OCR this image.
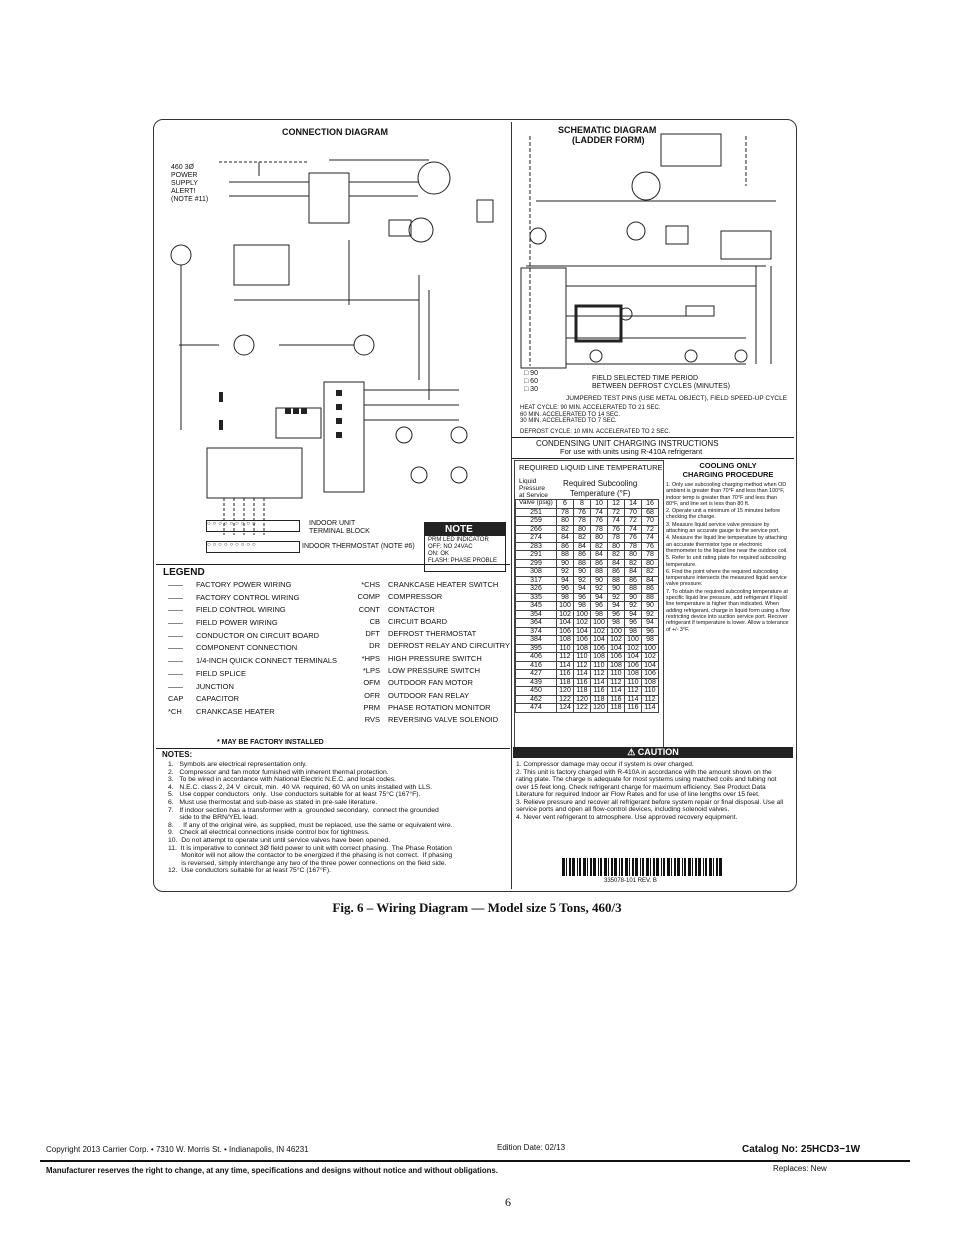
CONNECTION DIAGRAM
460 3Ø
POWER
SUPPLY
ALERT!
(NOTE #11)
NOTE
PRM LED INDICATOR
OFF: NO 24VAC
ON: OK
FLASH: PHASE PROBLE
○○○○○○○○○	INDOOR UNIT
TERMINAL BLOCK
○○○○○○○○○	INDOOR THERMOSTAT (NOTE #6)
LEGEND
—— FACTORY POWER WIRING
—— FACTORY CONTROL WIRING
—— FIELD CONTROL WIRING
—— FIELD POWER WIRING
—— CONDUCTOR ON CIRCUIT BOARD
—— COMPONENT CONNECTION
—— 1/4-INCH QUICK CONNECT TERMINALS
—— FIELD SPLICE
—— JUNCTION
CAP CAPACITOR
*CH CRANKCASE HEATER
*CHS CRANKCASE HEATER SWITCH
COMP COMPRESSOR
CONT CONTACTOR
CB CIRCUIT BOARD
DFT DEFROST THERMOSTAT
DR DEFROST RELAY AND CIRCUITRY
*HPS HIGH PRESSURE SWITCH
*LPS LOW PRESSURE SWITCH
OFM OUTDOOR FAN MOTOR
OFR OUTDOOR FAN RELAY
PRM PHASE ROTATION MONITOR
RVS REVERSING VALVE SOLENOID
* MAY BE FACTORY INSTALLED
NOTES:
1.   Symbols are electrical representation only.
2.   Compressor and fan motor furnished with inherent thermal protection.
3.   To be wired in accordance with National Electric N.E.C. and local codes.
4.   N.E.C. class 2, 24 V  circuit, min.  40 VA  required, 60 VA on units installed with LLS.
5.   Use copper conductors  only.  Use conductors suitable for at least 75°C (167°F).
6.   Must use thermostat and sub-base as stated in pre-sale literature.
7.   If indoor section has a transformer with a  grounded secondary,  connect the grounded
side to the BRN/YEL lead.
8.     If any of the original wire, as supplied, must be replaced, use the same or equivalent wire.
9.   Check all electrical connections inside control box for tightness.
10.  Do not attempt to operate unit until service valves have been opened.
11.  It is imperative to connect 3Ø field power to unit with correct phasing.  The Phase Rotation
Monitor will not allow the contactor to be energized if the phasing is not correct.  If phasing
is reversed, simply interchange any two of the three power connections on the field side.
12.  Use conductors suitable for at least 75°C (167°F).
SCHEMATIC DIAGRAM
(LADDER FORM)
□ 90
□ 60
□ 30
FIELD SELECTED TIME PERIOD
BETWEEN DEFROST CYCLES (MINUTES)
JUMPERED TEST PINS (USE METAL OBJECT), FIELD SPEED-UP CYCLE
HEAT CYCLE: 90 MIN. ACCELERATED TO 21 SEC.
60 MIN. ACCELERATED TO 14 SEC.
30 MIN. ACCELERATED TO 7 SEC.
DEFROST CYCLE: 10 MIN. ACCELERATED TO 2 SEC.
CONDENSING UNIT CHARGING INSTRUCTIONS
For use with units using R-410A refrigerant
REQUIRED LIQUID LINE TEMPERATURE
Liquid
Pressure
at Service
Valve (psig)
Required Subcooling
Temperature (°F)
	6	8	10	12	14	16
251	78	76	74	72	70	68
259	80	78	76	74	72	70
266	82	80	78	76	74	72
274	84	82	80	78	76	74
283	86	84	82	80	78	76
291	88	86	84	82	80	78
299	90	88	86	84	82	80
308	92	90	88	86	84	82
317	94	92	90	88	86	84
326	96	94	92	90	88	86
335	98	96	94	92	90	88
345	100	98	96	94	92	90
354	102	100	98	96	94	92
364	104	102	100	98	96	94
374	106	104	102	100	98	96
384	108	106	104	102	100	98
395	110	108	106	104	102	100
406	112	110	108	106	104	102
416	114	112	110	108	106	104
427	116	114	112	110	108	106
439	118	116	114	112	110	108
450	120	118	116	114	112	110
462	122	120	118	116	114	112
474	124	122	120	118	116	114
COOLING ONLY
CHARGING PROCEDURE
1. Only use subcooling charging method when OD ambient is greater than 70°F and less than 100°F, indoor temp is greater than 70°F and less than 80°F, and line set is less than 80 ft.
2. Operate unit a minimum of 15 minutes before checking the charge.
3. Measure liquid service valve pressure by attaching an accurate gauge to the service port.
4. Measure the liquid line temperature by attaching an accurate thermistor type or electronic thermometer to the liquid line near the outdoor coil.
5. Refer to unit rating plate for required subcooling temperature.
6. Find the point where the required subcooling temperature intersects the measured liquid service valve pressure.
7. To obtain the required subcooling temperature at specific liquid line pressure, add refrigerant if liquid line temperature is higher than indicated. When adding refrigerant, charge in liquid form using a flow restricting device into suction service port. Recover refrigerant if temperature is lower. Allow a tolerance of +/- 3°F.
⚠ CAUTION
1. Compressor damage may occur if system is over charged.
2. This unit is factory charged with R-410A in accordance with the amount shown on the rating plate. The charge is adequate for most systems using matched coils and tubing not over 15 feet long. Check refrigerant charge for maximum efficiency. See Product Data Literature for required Indoor air Flow Rates and for use of line lengths over 15 feet.
3. Relieve pressure and recover all refrigerant before system repair or final disposal. Use all service ports and open all flow-control devices, including solenoid valves.
4. Never vent refrigerant to atmosphere. Use approved recovery equipment.
335078-101 REV. B
Fig. 6 – Wiring Diagram — Model size 5 Tons, 460/3
Copyright 2013 Carrier Corp. • 7310 W. Morris St. • Indianapolis, IN 46231	Edition Date: 02/13	Catalog No: 25HCD3−1W
Manufacturer reserves the right to change, at any time, specifications and designs without notice and without obligations.	Replaces: New
6
